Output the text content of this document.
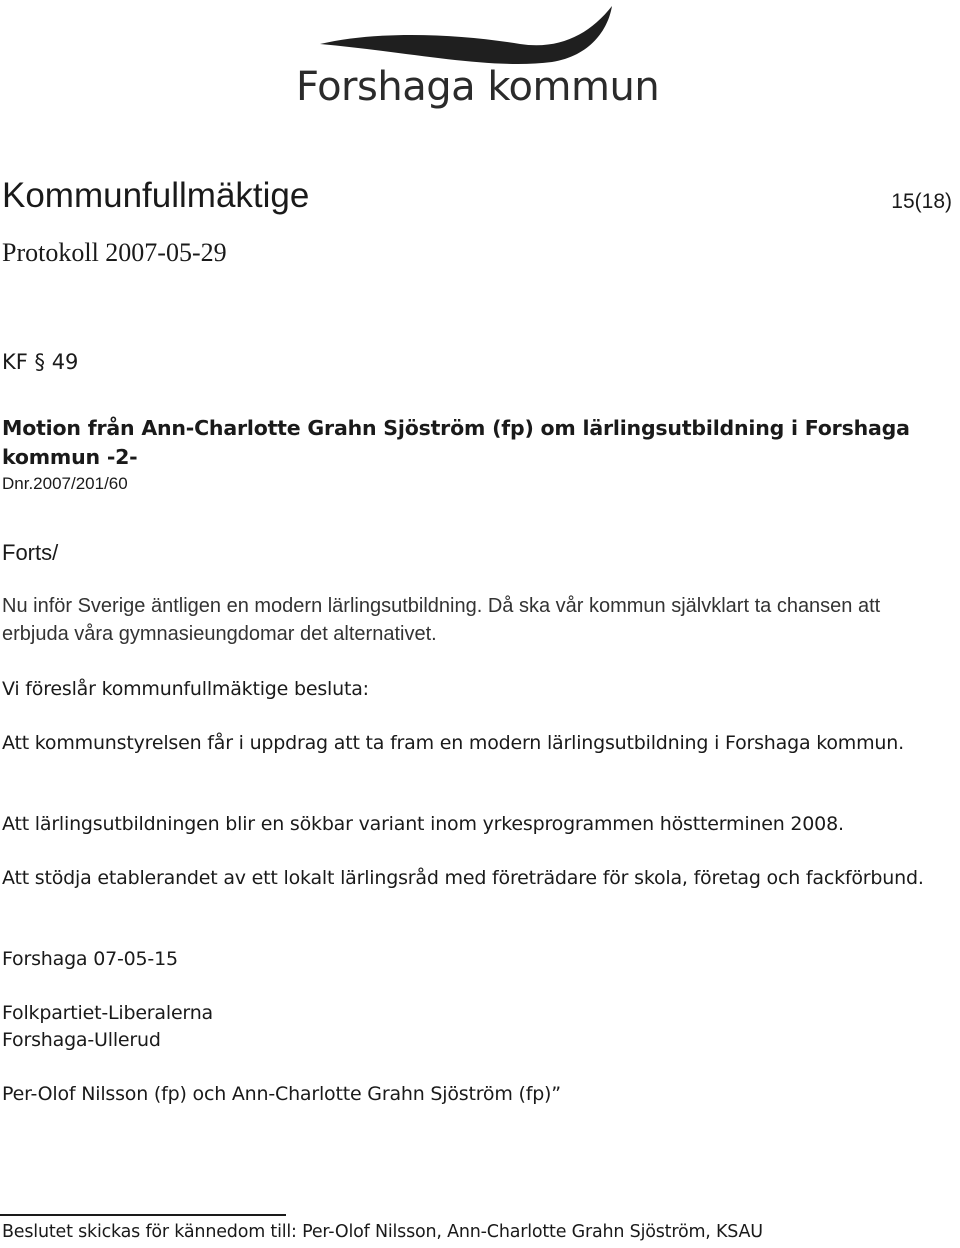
Forshaga kommun
Kommunfullmäktige	15(18)
Protokoll 2007-05-29
KF § 49
Motion från Ann-Charlotte Grahn Sjöström (fp) om lärlingsutbildning i Forshaga kommun -2-
Dnr.2007/201/60
Forts/
Nu inför Sverige äntligen en modern lärlingsutbildning. Då ska vår kommun självklart ta chansen att erbjuda våra gymnasieungdomar det alternativet.
Vi föreslår kommunfullmäktige besluta:
Att kommunstyrelsen får i uppdrag att ta fram en modern lärlingsutbildning i Forshaga kommun.
Att lärlingsutbildningen blir en sökbar variant inom yrkesprogrammen höstterminen 2008.
Att stödja etablerandet av ett lokalt lärlingsråd med företrädare för skola, företag och fackförbund.
Forshaga 07-05-15
Folkpartiet-Liberalerna
Forshaga-Ullerud
Per-Olof Nilsson (fp) och Ann-Charlotte Grahn Sjöström (fp)”
Beslutet skickas för kännedom till: Per-Olof Nilsson, Ann-Charlotte Grahn Sjöström, KSAU
